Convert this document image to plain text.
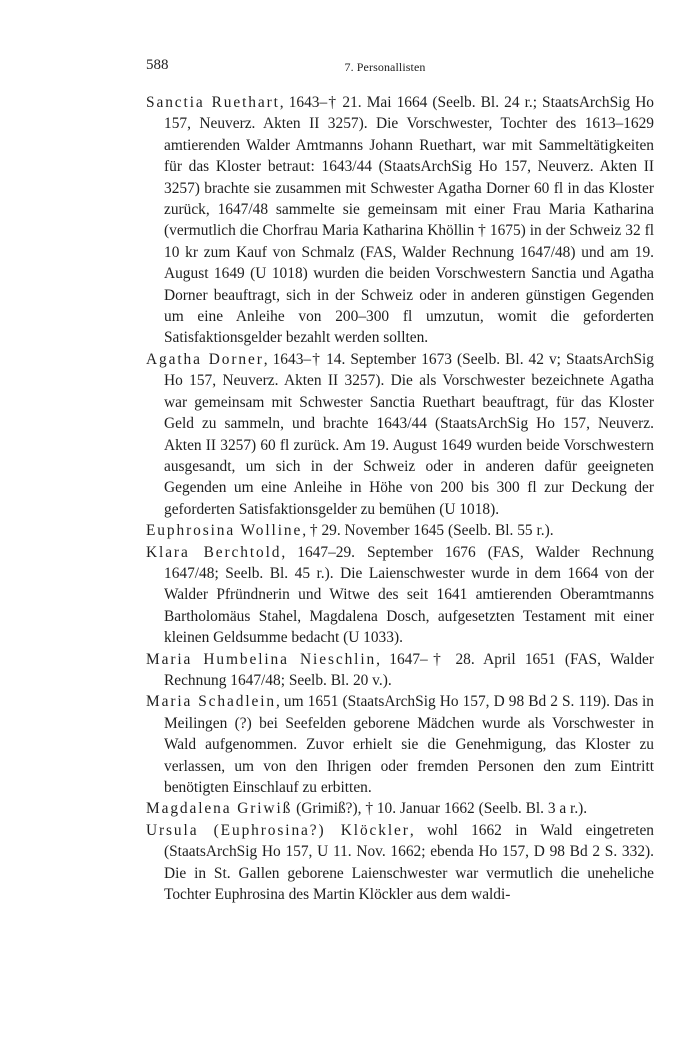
588	7. Personallisten

Sanctia Ruethart, 1643–† 21. Mai 1664 (Seelb. Bl. 24 r.; StaatsArchSig Ho 157, Neuverz. Akten II 3257). Die Vorschwester, Tochter des 1613–1629 amtierenden Walder Amtmanns Johann Ruethart, war mit Sammeltätigkeiten für das Kloster betraut: 1643/44 (StaatsArchSig Ho 157, Neuverz. Akten II 3257) brachte sie zusammen mit Schwester Agatha Dorner 60 fl in das Kloster zurück, 1647/48 sammelte sie gemeinsam mit einer Frau Maria Katharina (vermutlich die Chorfrau Maria Katharina Khöllin † 1675) in der Schweiz 32 fl 10 kr zum Kauf von Schmalz (FAS, Walder Rechnung 1647/48) und am 19. August 1649 (U 1018) wurden die beiden Vorschwestern Sanctia und Agatha Dorner beauftragt, sich in der Schweiz oder in anderen günstigen Gegenden um eine Anleihe von 200–300 fl umzutun, womit die geforderten Satisfaktionsgelder bezahlt werden sollten.

Agatha Dorner, 1643–† 14. September 1673 (Seelb. Bl. 42 v; StaatsArchSig Ho 157, Neuverz. Akten II 3257). Die als Vorschwester bezeichnete Agatha war gemeinsam mit Schwester Sanctia Ruethart beauftragt, für das Kloster Geld zu sammeln, und brachte 1643/44 (StaatsArchSig Ho 157, Neuverz. Akten II 3257) 60 fl zurück. Am 19. August 1649 wurden beide Vorschwestern ausgesandt, um sich in der Schweiz oder in anderen dafür geeigneten Gegenden um eine Anleihe in Höhe von 200 bis 300 fl zur Deckung der geforderten Satisfaktionsgelder zu bemühen (U 1018).

Euphrosina Wolline, † 29. November 1645 (Seelb. Bl. 55 r.).

Klara Berchtold, 1647–29. September 1676 (FAS, Walder Rechnung 1647/48; Seelb. Bl. 45 r.). Die Laienschwester wurde in dem 1664 von der Walder Pfründnerin und Witwe des seit 1641 amtierenden Oberamtmanns Bartholomäus Stahel, Magdalena Dosch, aufgesetzten Testament mit einer kleinen Geldsumme bedacht (U 1033).

Maria Humbelina Nieschlin, 1647–† 28. April 1651 (FAS, Walder Rechnung 1647/48; Seelb. Bl. 20 v.).

Maria Schadlein, um 1651 (StaatsArchSig Ho 157, D 98 Bd 2 S. 119). Das in Meilingen (?) bei Seefelden geborene Mädchen wurde als Vorschwester in Wald aufgenommen. Zuvor erhielt sie die Genehmigung, das Kloster zu verlassen, um von den Ihrigen oder fremden Personen den zum Eintritt benötigten Einschlauf zu erbitten.

Magdalena Griwiß (Grimiß?), † 10. Januar 1662 (Seelb. Bl. 3 a r.).

Ursula (Euphrosina?) Klöckler, wohl 1662 in Wald eingetreten (StaatsArchSig Ho 157, U 11. Nov. 1662; ebenda Ho 157, D 98 Bd 2 S. 332). Die in St. Gallen geborene Laienschwester war vermutlich die uneheliche Tochter Euphrosina des Martin Klöckler aus dem waldi-
